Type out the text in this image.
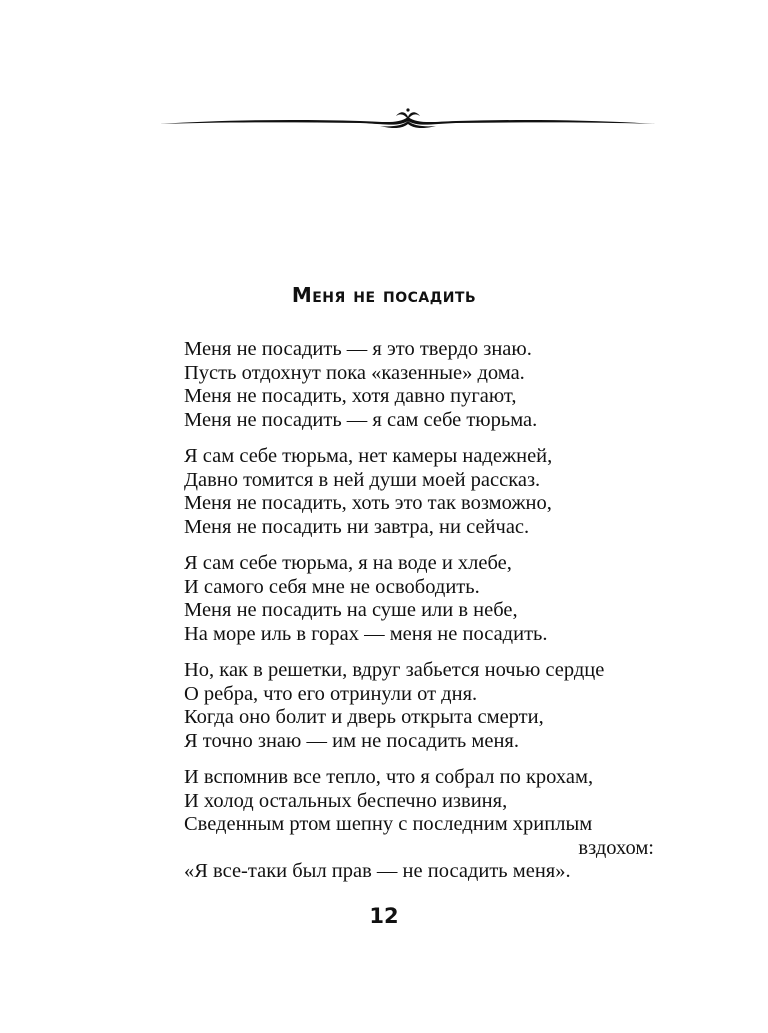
Меня не посадить
Меня не посадить — я это твердо знаю.
Пусть отдохнут пока «казенные» дома.
Меня не посадить, хотя давно пугают,
Меня не посадить — я сам себе тюрьма.
Я сам себе тюрьма, нет камеры надежней,
Давно томится в ней души моей рассказ.
Меня не посадить, хоть это так возможно,
Меня не посадить ни завтра, ни сейчас.
Я сам себе тюрьма, я на воде и хлебе,
И самого себя мне не освободить.
Меня не посадить на суше или в небе,
На море иль в горах — меня не посадить.
Но, как в решетки, вдруг забьется ночью сердце
О ребра, что его отринули от дня.
Когда оно болит и дверь открыта смерти,
Я точно знаю — им не посадить меня.
И вспомнив все тепло, что я собрал по крохам,
И холод остальных беспечно извиня,
Сведенным ртом шепну с последним хриплым
вздохом:
«Я все-таки был прав — не посадить меня».
12
